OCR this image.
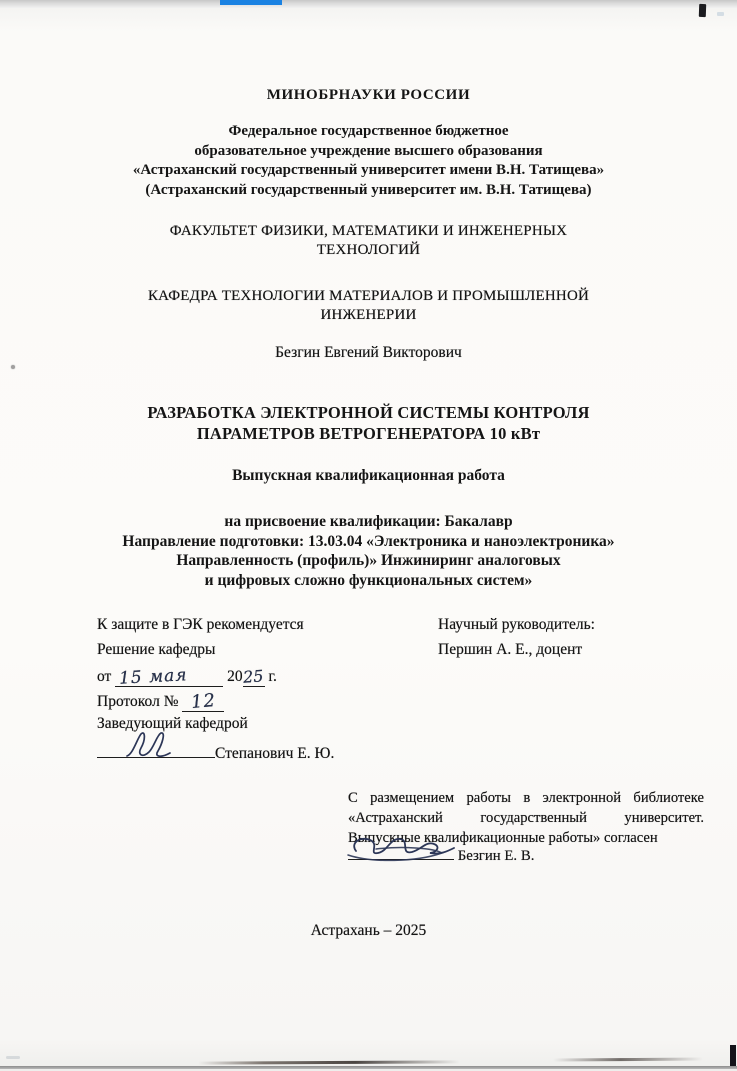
МИНОБРНАУКИ РОССИИ
Федеральное государственное бюджетное
образовательное учреждение высшего образования
«Астраханский государственный университет имени В.Н. Татищева»
(Астраханский государственный университет им. В.Н. Татищева)
ФАКУЛЬТЕТ ФИЗИКИ, МАТЕМАТИКИ И ИНЖЕНЕРНЫХ
ТЕХНОЛОГИЙ
КАФЕДРА ТЕХНОЛОГИИ МАТЕРИАЛОВ И ПРОМЫШЛЕННОЙ
ИНЖЕНЕРИИ
Безгин Евгений Викторович
РАЗРАБОТКА ЭЛЕКТРОННОЙ СИСТЕМЫ КОНТРОЛЯ
ПАРАМЕТРОВ ВЕТРОГЕНЕРАТОРА 10 кВт
Выпускная квалификационная работа
на присвоение квалификации: Бакалавр
Направление подготовки: 13.03.04 «Электроника и наноэлектроника»
Направленность (профиль)» Инжиниринг аналоговых
и цифровых сложно функциональных систем»
К защите в ГЭК рекомендуется
Решение кафедры
от 15 мая	2025 г.
Протокол № 12
Заведующий кафедрой
Степанович Е. Ю.
Научный руководитель:
Першин А. Е., доцент
С размещением работы в электронной библиотеке «Астраханский государственный университет. Выпускные квалификационные работы» согласен
Безгин Е. В.
Астрахань – 2025
